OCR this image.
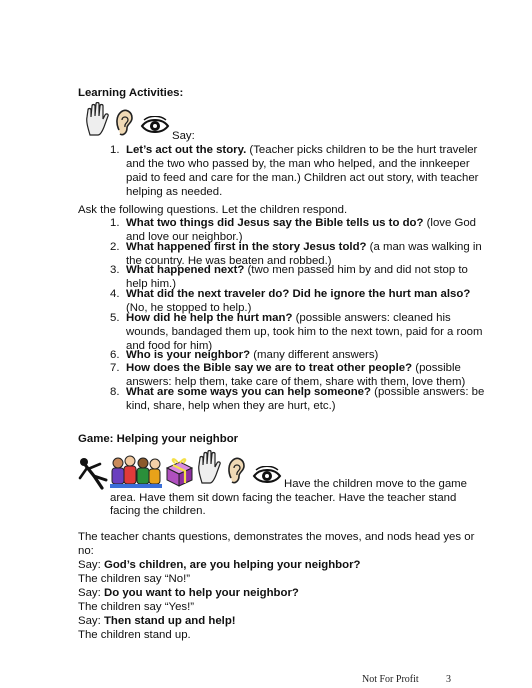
Learning Activities:
Say:
1. Let’s act out the story. (Teacher picks children to be the hurt traveler
and the two who passed by, the man who helped, and the innkeeper
paid to feed and care for the man.) Children act out story, with teacher
helping as needed.
Ask the following questions. Let the children respond.
1. What two things did Jesus say the Bible tells us to do? (love God
and love our neighbor.)
2. What happened first in the story Jesus told? (a man was walking in
the country. He was beaten and robbed.)
3. What happened next? (two men passed him by and did not stop to
help him.)
4. What did the next traveler do? Did he ignore the hurt man also?
(No, he stopped to help.)
5. How did he help the hurt man? (possible answers: cleaned his
wounds, bandaged them up, took him to the next town, paid for a room
and food for him)
6. Who is your neighbor? (many different answers)
7. How does the Bible say we are to treat other people? (possible
answers: help them, take care of them, share with them, love them)
8. What are some ways you can help someone? (possible answers: be
kind, share, help when they are hurt, etc.)
Game: Helping your neighbor
Have the children move to the game
area. Have them sit down facing the teacher. Have the teacher stand
facing the children.
The teacher chants questions, demonstrates the moves, and nods head yes or
no:
Say: God’s children, are you helping your neighbor?
The children say “No!”
Say: Do you want to help your neighbor?
The children say “Yes!”
Say: Then stand up and help!
The children stand up.
Not For Profit	3
